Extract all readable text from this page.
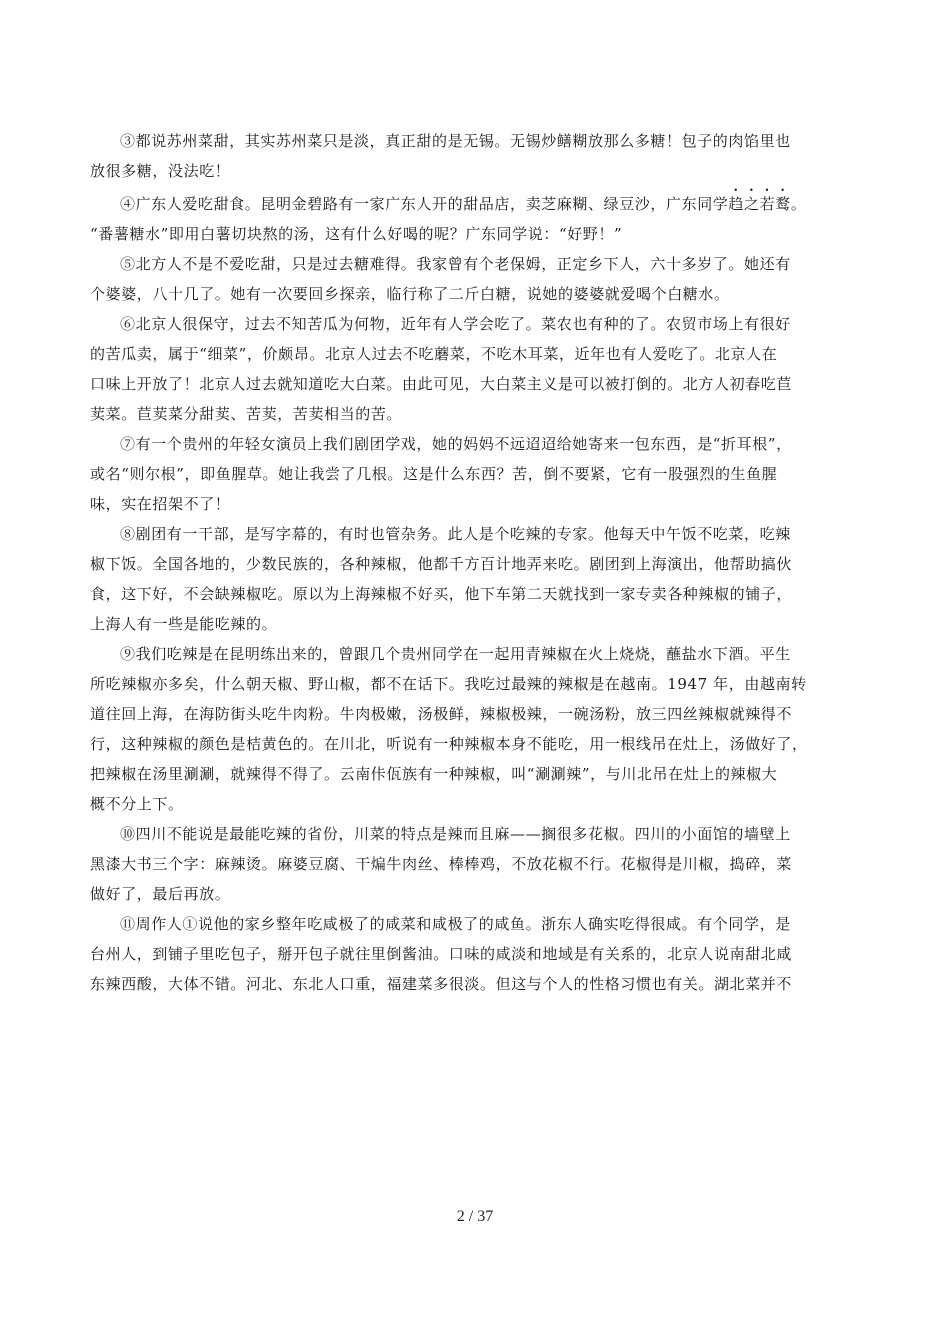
③都说苏州菜甜，其实苏州菜只是淡，真正甜的是无锡。无锡炒鳝糊放那么多糖！包子的肉馅里也
放很多糖，没法吃！

④广东人爱吃甜食。昆明金碧路有一家广东人开的甜品店，卖芝麻糊、绿豆沙，广东同学趋之若鹜。
“番薯糖水”即用白薯切块熬的汤，这有什么好喝的呢？广东同学说：“好野！”

⑤北方人不是不爱吃甜，只是过去糖难得。我家曾有个老保姆，正定乡下人，六十多岁了。她还有
个婆婆，八十几了。她有一次要回乡探亲，临行称了二斤白糖，说她的婆婆就爱喝个白糖水。

⑥北京人很保守，过去不知苦瓜为何物，近年有人学会吃了。菜农也有种的了。农贸市场上有很好
的苦瓜卖，属于“细菜”，价颇昂。北京人过去不吃蘑菜，不吃木耳菜，近年也有人爱吃了。北京人在
口味上开放了！北京人过去就知道吃大白菜。由此可见，大白菜主义是可以被打倒的。北方人初春吃苣
荬菜。苣荬菜分甜荬、苦荬，苦荬相当的苦。

⑦有一个贵州的年轻女演员上我们剧团学戏，她的妈妈不远迢迢给她寄来一包东西，是“折耳根”，
或名“则尔根”，即鱼腥草。她让我尝了几根。这是什么东西？苦，倒不要紧，它有一股强烈的生鱼腥
味，实在招架不了！

⑧剧团有一干部，是写字幕的，有时也管杂务。此人是个吃辣的专家。他每天中午饭不吃菜，吃辣
椒下饭。全国各地的，少数民族的，各种辣椒，他都千方百计地弄来吃。剧团到上海演出，他帮助搞伙
食，这下好，不会缺辣椒吃。原以为上海辣椒不好买，他下车第二天就找到一家专卖各种辣椒的铺子，
上海人有一些是能吃辣的。

⑨我们吃辣是在昆明练出来的，曾跟几个贵州同学在一起用青辣椒在火上烧烧，蘸盐水下酒。平生
所吃辣椒亦多矣，什么朝天椒、野山椒，都不在话下。我吃过最辣的辣椒是在越南。1947 年，由越南转
道往回上海，在海防街头吃牛肉粉。牛肉极嫩，汤极鲜，辣椒极辣，一碗汤粉，放三四丝辣椒就辣得不
行，这种辣椒的颜色是桔黄色的。在川北，听说有一种辣椒本身不能吃，用一根线吊在灶上，汤做好了，
把辣椒在汤里涮涮，就辣得不得了。云南佧佤族有一种辣椒，叫“涮涮辣”，与川北吊在灶上的辣椒大
概不分上下。

⑩四川不能说是最能吃辣的省份，川菜的特点是辣而且麻——搁很多花椒。四川的小面馆的墙壁上
黑漆大书三个字：麻辣烫。麻婆豆腐、干煸牛肉丝、棒棒鸡，不放花椒不行。花椒得是川椒，捣碎，菜
做好了，最后再放。

⑪周作人①说他的家乡整年吃咸极了的咸菜和咸极了的咸鱼。浙东人确实吃得很咸。有个同学，是
台州人，到铺子里吃包子，掰开包子就往里倒酱油。口味的咸淡和地域是有关系的，北京人说南甜北咸
东辣西酸，大体不错。河北、东北人口重，福建菜多很淡。但这与个人的性格习惯也有关。湖北菜并不

2 / 37
